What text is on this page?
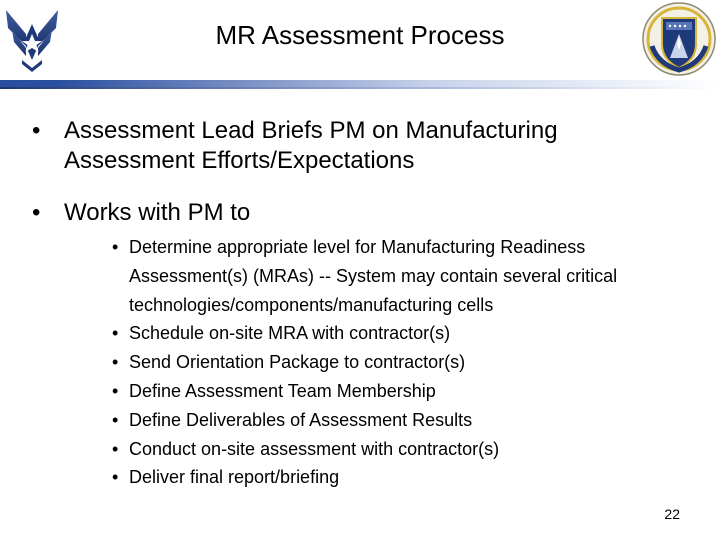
MR Assessment Process
• Assessment Lead Briefs PM on Manufacturing Assessment Efforts/Expectations
• Works with PM to
• Determine appropriate level for Manufacturing Readiness Assessment(s) (MRAs) -- System may contain several critical technologies/components/manufacturing cells
• Schedule on-site MRA with contractor(s)
• Send Orientation Package to contractor(s)
• Define Assessment Team Membership
• Define Deliverables of Assessment Results
• Conduct on-site assessment with contractor(s)
• Deliver final report/briefing
22
